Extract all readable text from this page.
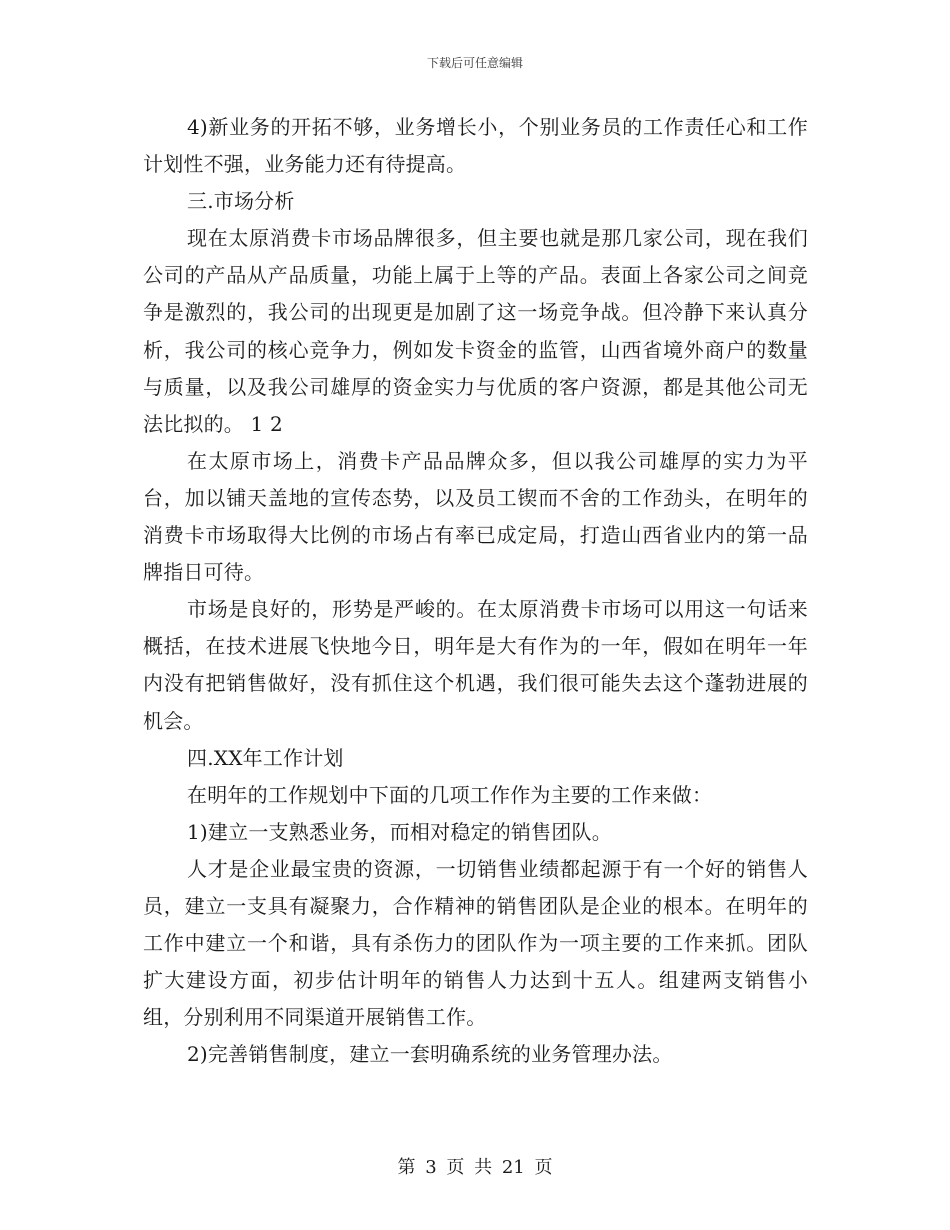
下载后可任意编辑

4)新业务的开拓不够，业务增长小，个别业务员的工作责任心和工作计划性不强，业务能力还有待提高。

三.市场分析

现在太原消费卡市场品牌很多，但主要也就是那几家公司，现在我们公司的产品从产品质量，功能上属于上等的产品。表面上各家公司之间竞争是激烈的，我公司的出现更是加剧了这一场竞争战。但冷静下来认真分析，我公司的核心竞争力，例如发卡资金的监管，山西省境外商户的数量与质量，以及我公司雄厚的资金实力与优质的客户资源，都是其他公司无法比拟的。 1 2

在太原市场上，消费卡产品品牌众多，但以我公司雄厚的实力为平台，加以铺天盖地的宣传态势，以及员工锲而不舍的工作劲头，在明年的消费卡市场取得大比例的市场占有率已成定局，打造山西省业内的第一品牌指日可待。

市场是良好的，形势是严峻的。在太原消费卡市场可以用这一句话来概括，在技术进展飞快地今日，明年是大有作为的一年，假如在明年一年内没有把销售做好，没有抓住这个机遇，我们很可能失去这个蓬勃进展的机会。

四.XX年工作计划

在明年的工作规划中下面的几项工作作为主要的工作来做：

1)建立一支熟悉业务，而相对稳定的销售团队。

人才是企业最宝贵的资源，一切销售业绩都起源于有一个好的销售人员，建立一支具有凝聚力，合作精神的销售团队是企业的根本。在明年的工作中建立一个和谐，具有杀伤力的团队作为一项主要的工作来抓。团队扩大建设方面，初步估计明年的销售人力达到十五人。组建两支销售小组，分别利用不同渠道开展销售工作。

2)完善销售制度，建立一套明确系统的业务管理办法。

第 3 页 共 21 页
